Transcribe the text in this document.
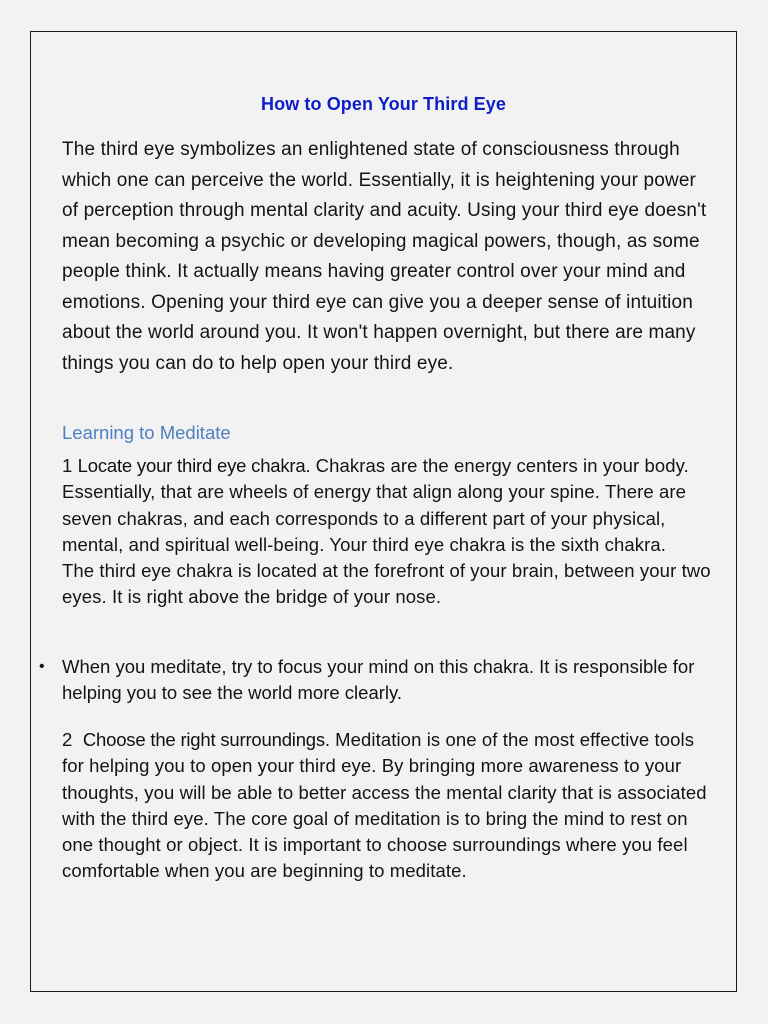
How to Open Your Third Eye
The third eye symbolizes an enlightened state of consciousness through which one can perceive the world. Essentially, it is heightening your power of perception through mental clarity and acuity. Using your third eye doesn't mean becoming a psychic or developing magical powers, though, as some people think. It actually means having greater control over your mind and emotions. Opening your third eye can give you a deeper sense of intuition about the world around you. It won't happen overnight, but there are many things you can do to help open your third eye.
Learning to Meditate
1 Locate your third eye chakra. Chakras are the energy centers in your body. Essentially, that are wheels of energy that align along your spine. There are seven chakras, and each corresponds to a different part of your physical, mental, and spiritual well-being. Your third eye chakra is the sixth chakra.
The third eye chakra is located at the forefront of your brain, between your two eyes. It is right above the bridge of your nose.
• When you meditate, try to focus your mind on this chakra. It is responsible for helping you to see the world more clearly.
2 Choose the right surroundings. Meditation is one of the most effective tools for helping you to open your third eye. By bringing more awareness to your thoughts, you will be able to better access the mental clarity that is associated with the third eye. The core goal of meditation is to bring the mind to rest on one thought or object. It is important to choose surroundings where you feel comfortable when you are beginning to meditate.
